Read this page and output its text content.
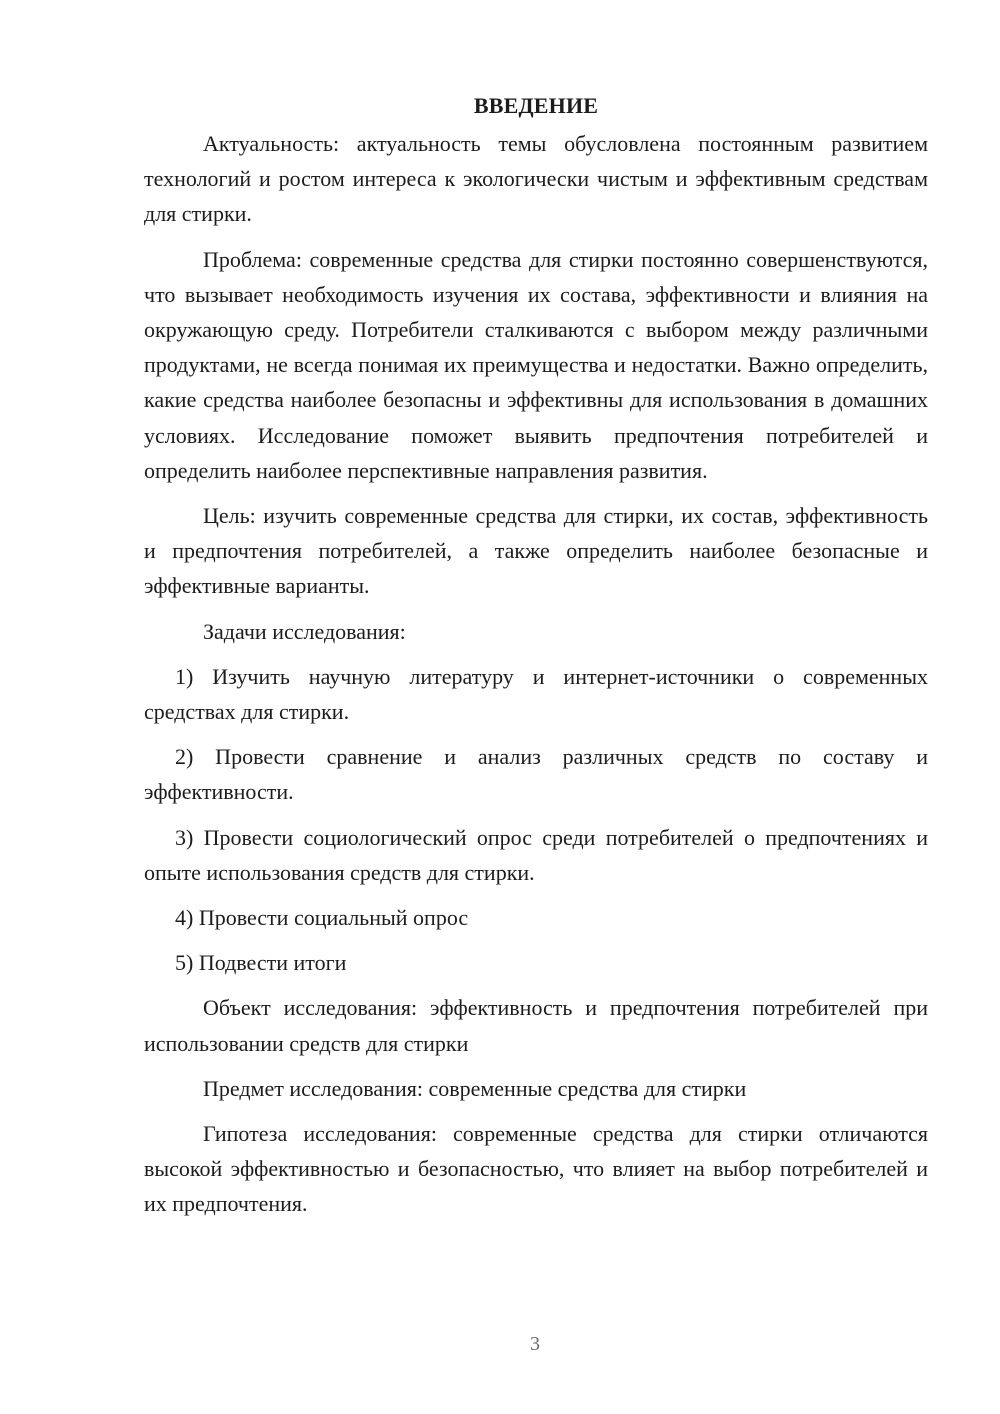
ВВЕДЕНИЕ

Актуальность: актуальность темы обусловлена постоянным развитием технологий и ростом интереса к экологически чистым и эффективным средствам для стирки.

Проблема: современные средства для стирки постоянно совершенствуются, что вызывает необходимость изучения их состава, эффективности и влияния на окружающую среду. Потребители сталкиваются с выбором между различными продуктами, не всегда понимая их преимущества и недостатки. Важно определить, какие средства наиболее безопасны и эффективны для использования в домашних условиях. Исследование поможет выявить предпочтения потребителей и определить наиболее перспективные направления развития.

Цель: изучить современные средства для стирки, их состав, эффективность и предпочтения потребителей, а также определить наиболее безопасные и эффективные варианты.

Задачи исследования:

1) Изучить научную литературу и интернет-источники о современных средствах для стирки.

2) Провести сравнение и анализ различных средств по составу и эффективности.

3) Провести социологический опрос среди потребителей о предпочтениях и опыте использования средств для стирки.

4) Провести социальный опрос

5) Подвести итоги

Объект исследования: эффективность и предпочтения потребителей при использовании средств для стирки

Предмет исследования: современные средства для стирки

Гипотеза исследования: современные средства для стирки отличаются высокой эффективностью и безопасностью, что влияет на выбор потребителей и их предпочтения.

3
